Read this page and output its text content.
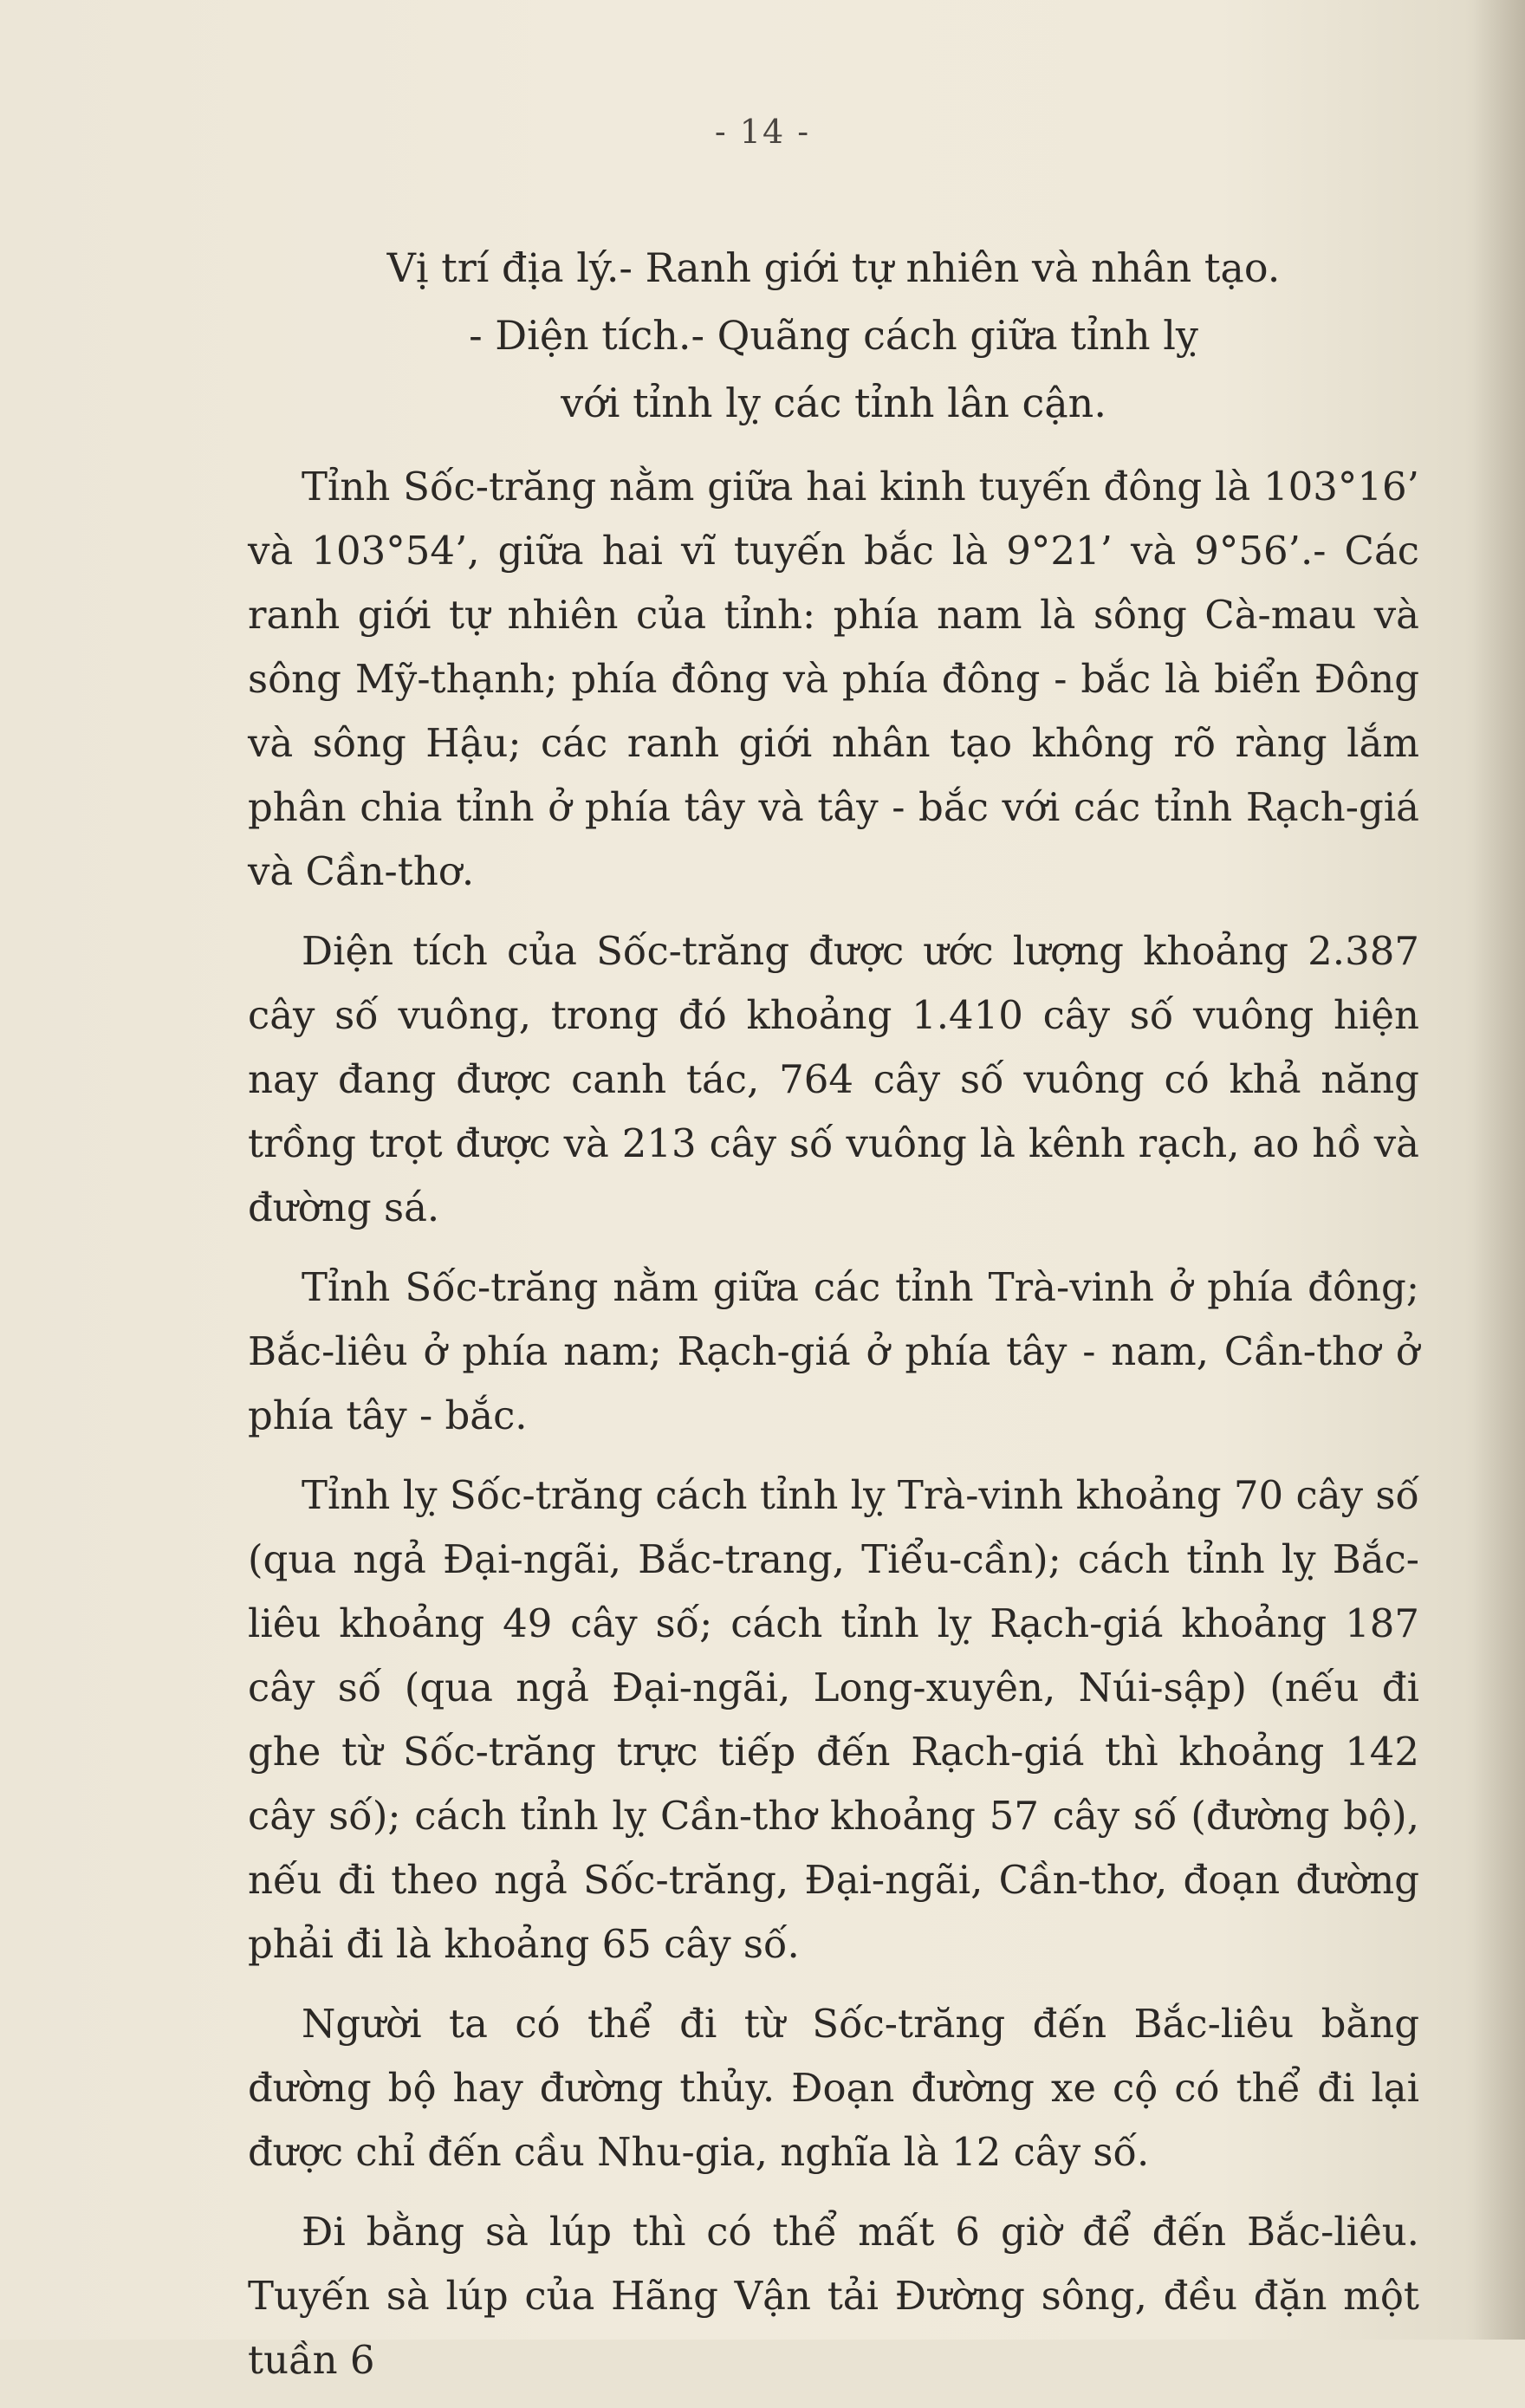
- 14 -
Vị trí địa lý.- Ranh giới tự nhiên và nhân tạo.
- Diện tích.- Quãng cách giữa tỉnh lỵ
với tỉnh lỵ các tỉnh lân cận.

Tỉnh Sốc-trăng nằm giữa hai kinh tuyến đông là 103°16’ và 103°54’, giữa hai vĩ tuyến bắc là 9°21’ và 9°56’.- Các ranh giới tự nhiên của tỉnh: phía nam là sông Cà-mau và sông Mỹ-thạnh; phía đông và phía đông - bắc là biển Đông và sông Hậu; các ranh giới nhân tạo không rõ ràng lắm phân chia tỉnh ở phía tây và tây - bắc với các tỉnh Rạch-giá và Cần-thơ.

Diện tích của Sốc-trăng được ước lượng khoảng 2.387 cây số vuông, trong đó khoảng 1.410 cây số vuông hiện nay đang được canh tác, 764 cây số vuông có khả năng trồng trọt được và 213 cây số vuông là kênh rạch, ao hồ và đường sá.

Tỉnh Sốc-trăng nằm giữa các tỉnh Trà-vinh ở phía đông; Bắc-liêu ở phía nam; Rạch-giá ở phía tây - nam, Cần-thơ ở phía tây - bắc.

Tỉnh lỵ Sốc-trăng cách tỉnh lỵ Trà-vinh khoảng 70 cây số (qua ngả Đại-ngãi, Bắc-trang, Tiểu-cần); cách tỉnh lỵ Bắc-liêu khoảng 49 cây số; cách tỉnh lỵ Rạch-giá khoảng 187 cây số (qua ngả Đại-ngãi, Long-xuyên, Núi-sập) (nếu đi ghe từ Sốc-trăng trực tiếp đến Rạch-giá thì khoảng 142 cây số); cách tỉnh lỵ Cần-thơ khoảng 57 cây số (đường bộ), nếu đi theo ngả Sốc-trăng, Đại-ngãi, Cần-thơ, đoạn đường phải đi là khoảng 65 cây số.

Người ta có thể đi từ Sốc-trăng đến Bắc-liêu bằng đường bộ hay đường thủy. Đoạn đường xe cộ có thể đi lại được chỉ đến cầu Nhu-gia, nghĩa là 12 cây số.

Đi bằng sà lúp thì có thể mất 6 giờ để đến Bắc-liêu. Tuyến sà lúp của Hãng Vận tải Đường sông, đều đặn một tuần 6
